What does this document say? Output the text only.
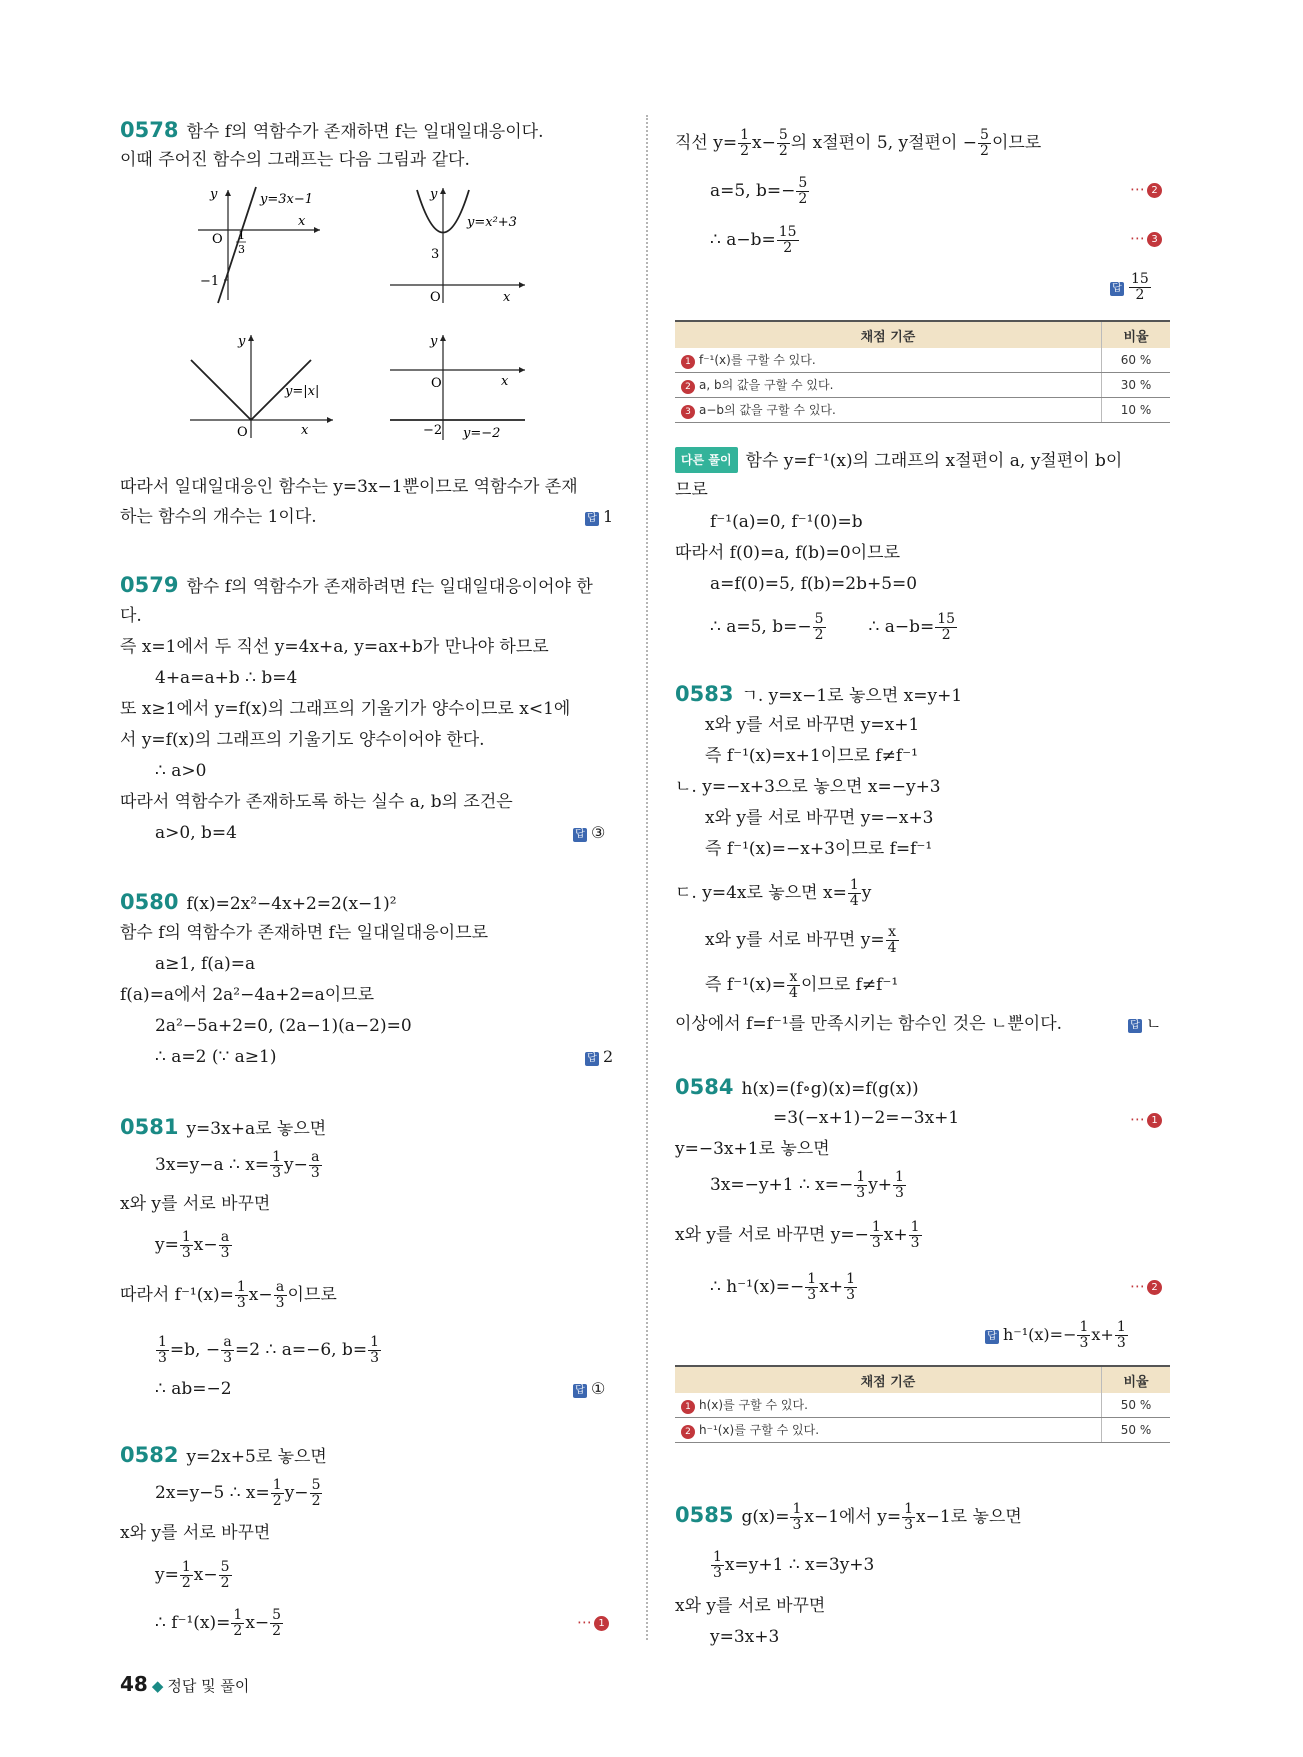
0578 함수 f의 역함수가 존재하면 f는 일대일대응이다.
이때 주어진 함수의 그래프는 다음 그림과 같다.
y	y=3x−1
O 1
3
x
−1
y
y=x²+3
3
O	x
y
y=|x|
O	x
y
O	x
−2 y=−2
따라서 일대일대응인 함수는 y=3x−1뿐이므로 역함수가 존재
하는 함수의 개수는 1이다.	답 1
0579 함수 f의 역함수가 존재하려면 f는 일대일대응이어야 한
다.
즉 x=1에서 두 직선 y=4x+a, y=ax+b가 만나야 하므로
4+a=a+b ∴ b=4
또 x≥1에서 y=f(x)의 그래프의 기울기가 양수이므로 x<1에
서 y=f(x)의 그래프의 기울기도 양수이어야 한다.
∴ a>0
따라서 역함수가 존재하도록 하는 실수 a, b의 조건은
a>0, b=4	답 ③
0580 f(x)=2x²−4x+2=2(x−1)²
함수 f의 역함수가 존재하면 f는 일대일대응이므로
a≥1, f(a)=a
f(a)=a에서 2a²−4a+2=a이므로
2a²−5a+2=0, (2a−1)(a−2)=0
∴ a=2 (∵ a≥1)	답 2
0581 y=3x+a로 놓으면
3x=y−a ∴ $x= \frac{1}{3} y- \frac{a}{3}$
x와 y를 서로 바꾸면
$y= \frac{1}{3} x- \frac{a}{3}$
따라서 $f^{-1}(x)= \frac{1}{3} x- \frac{a}{3}$ 이므로
$\frac{1}{3} =b$, − $\frac{a}{3} =2$ ∴ a=−6, $b= \frac{1}{3}$
∴ ab=−2	답 ①
0582 y=2x+5로 놓으면
2x=y−5 ∴ $x= \frac{1}{2} y- \frac{5}{2}$
x와 y를 서로 바꾸면
$y= \frac{1}{2} x- \frac{5}{2}$
∴ $f^{-1}(x)= \frac{1}{2} x- \frac{5}{2}$	⋯ 1
직선 $y= \frac{1}{2} x- \frac{5}{2}$ 의 x절편이 5, y절편이 − $\frac{5}{2}$ 이므로
a=5, $b=- \frac{5}{2}$	⋯ 2
∴ $a-b= \frac{15}{2}$	⋯ 3
답 $\frac{15}{2}$
채점 기준	비율
1 f⁻¹(x)를 구할 수 있다.	60 %
2 a, b의 값을 구할 수 있다.	30 %
3 a−b의 값을 구할 수 있다.	10 %
다른 풀이 함수 y=f⁻¹(x)의 그래프의 x절편이 a, y절편이 b이
므로
f⁻¹(a)=0, f⁻¹(0)=b
따라서 f(0)=a, f(b)=0이므로
a=f(0)=5, f(b)=2b+5=0
∴ a=5, $b=- \frac{5}{2}$	∴ $a-b= \frac{15}{2}$
0583 ㄱ. y=x−1로 놓으면 x=y+1
x와 y를 서로 바꾸면 y=x+1
즉 f⁻¹(x)=x+1이므로 f≠f⁻¹
ㄴ. y=−x+3으로 놓으면 x=−y+3
x와 y를 서로 바꾸면 y=−x+3
즉 f⁻¹(x)=−x+3이므로 f=f⁻¹
ㄷ. y=4x로 놓으면 $x= \frac{1}{4}$ y
x와 y를 서로 바꾸면 $y= \frac{x}{4}$
즉 $f^{-1}(x)= \frac{x}{4}$ 이므로 f≠f⁻¹
이상에서 f=f⁻¹를 만족시키는 함수인 것은 ㄴ뿐이다.	답 ㄴ
0584 h(x)=(f∘g)(x)=f(g(x))
=3(−x+1)−2=−3x+1	⋯ 1
y=−3x+1로 놓으면
3x=−y+1 ∴ $x=- \frac{1}{3} y+ \frac{1}{3}$
x와 y를 서로 바꾸면 $y=- \frac{1}{3} x+ \frac{1}{3}$
∴ $h^{-1}(x)=- \frac{1}{3} x+ \frac{1}{3}$	⋯ 2
답 $h^{-1}(x)=- \frac{1}{3} x+ \frac{1}{3}$
채점 기준	비율
1 h(x)를 구할 수 있다.	50 %
2 h⁻¹(x)를 구할 수 있다.	50 %
0585 $g(x)= \frac{1}{3} x-1$에서 $y= \frac{1}{3} x-1$로 놓으면
$\frac{1}{3} x=y+1$ ∴ x=3y+3
x와 y를 서로 바꾸면
y=3x+3
48 ◆ 정답 및 풀이
